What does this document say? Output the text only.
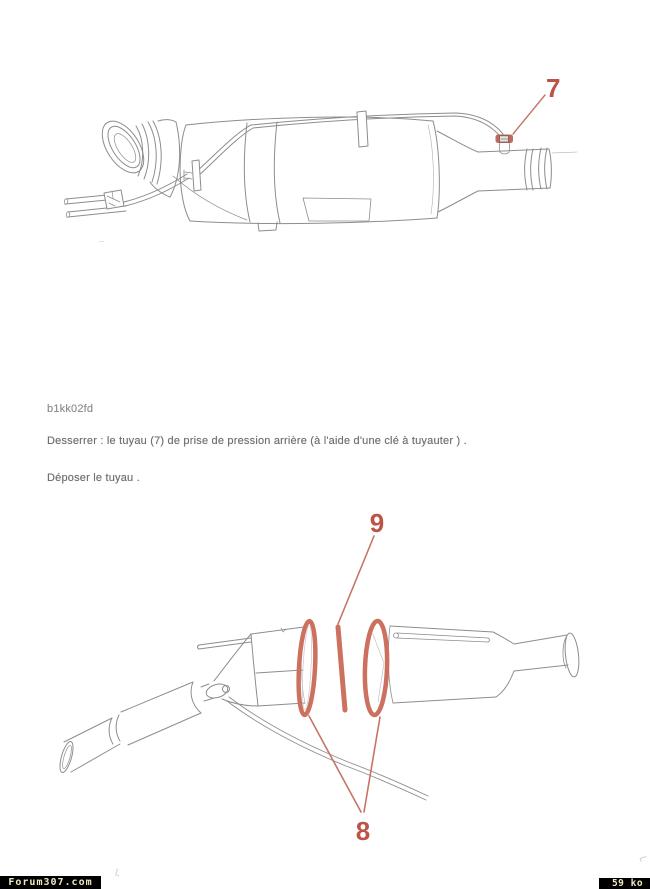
7
b1kk02fd
Desserrer : le tuyau (7) de prise de pression arrière (à l'aide d'une clé à tuyauter ) .
Déposer le tuyau .
9
8
Forum307.com	59 ko
